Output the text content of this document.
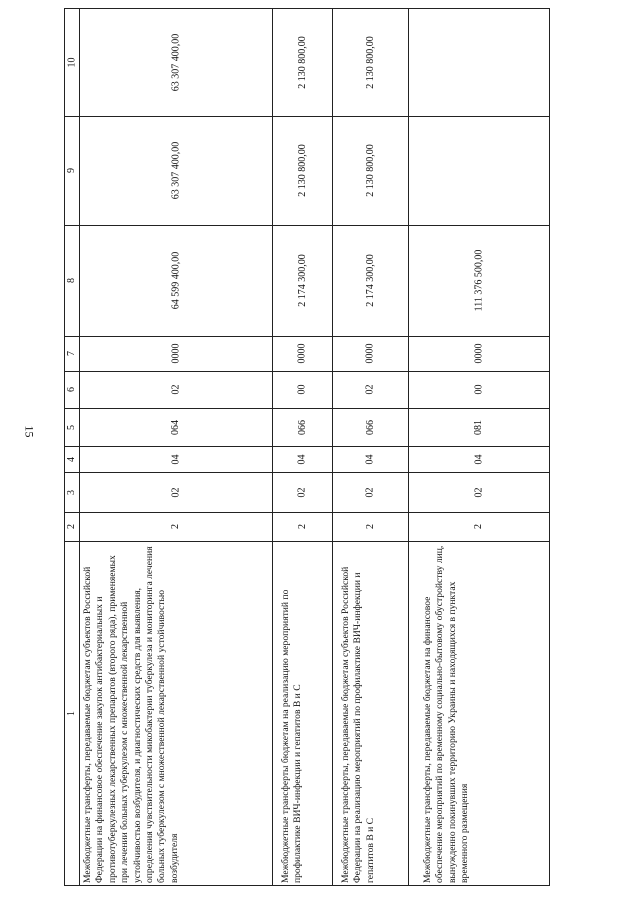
15
10
9
8
7
6
5
4
3
2
1 Межбюджетные трансферты, передаваемые бюджетам субъектов Российской Федерации на финансовое обеспечение закупок антибактериальных и противотуберкулезных лекарственных препаратов (второго ряда), применяемых при лечении больных туберкулезом с множественной лекарственной устойчивостью возбудителя, и диагностических средств для выявления, определения чувствительности микобактерии туберкулеза и мониторинга лечения больных туберкулезом с множественной лекарственной устойчивостью возбудителя
2
02
04
064
02
0000
64 599 400,00
63 307 400,00
63 307 400,00
Межбюджетные трансферты бюджетам на реализацию мероприятий по профилактике ВИЧ-инфекции и гепатитов B и C
2
02
04
066
00
0000
2 174 300,00
2 130 800,00
2 130 800,00
Межбюджетные трансферты, передаваемые бюджетам субъектов Российской Федерации на реализацию мероприятий по профилактике ВИЧ-инфекции и гепатитов B и C
2
02
04
066
02
0000
2 174 300,00
2 130 800,00
2 130 800,00
Межбюджетные трансферты, передаваемые бюджетам на финансовое обеспечение мероприятий по временному социально-бытовому обустройству лиц, вынужденно покинувших территорию Украины и находящихся в пунктах временного размещения
2
02
04
081
00
0000
111 376 500,00
